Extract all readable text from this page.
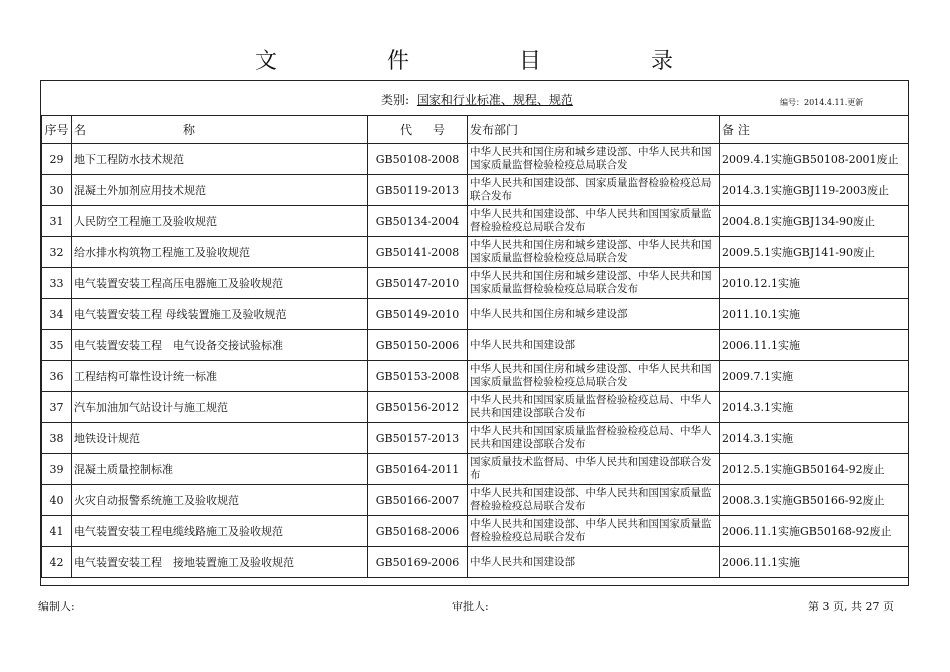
文　件　目　录
类别: 国家和行业标准、规程、规范	编号：2014.4.11.更新
序号	名 称	代 号	发布部门	备 注
29	地下工程防水技术规范	GB50108-2008	中华人民共和国住房和城乡建设部、中华人民共和国国家质量监督检验检疫总局联合发	2009.4.1实施GB50108-2001废止
30	混凝土外加剂应用技术规范	GB50119-2013	中华人民共和国建设部、国家质量监督检验检疫总局联合发布	2014.3.1实施GBJ119-2003废止
31	人民防空工程施工及验收规范	GB50134-2004	中华人民共和国建设部、中华人民共和国国家质量监督检验检疫总局联合发布	2004.8.1实施GBJ134-90废止
32	给水排水构筑物工程施工及验收规范	GB50141-2008	中华人民共和国住房和城乡建设部、中华人民共和国国家质量监督检验检疫总局联合发	2009.5.1实施GBJ141-90废止
33	电气装置安装工程高压电器施工及验收规范	GB50147-2010	中华人民共和国住房和城乡建设部、中华人民共和国国家质量监督检验检疫总局联合发布	2010.12.1实施
34	电气装置安装工程 母线装置施工及验收规范	GB50149-2010	中华人民共和国住房和城乡建设部	2011.10.1实施
35	电气装置安装工程　电气设备交接试验标准	GB50150-2006	中华人民共和国建设部	2006.11.1实施
36	工程结构可靠性设计统一标准	GB50153-2008	中华人民共和国住房和城乡建设部、中华人民共和国国家质量监督检验检疫总局联合发	2009.7.1实施
37	汽车加油加气站设计与施工规范	GB50156-2012	中华人民共和国国家质量监督检验检疫总局、中华人民共和国建设部联合发布	2014.3.1实施
38	地铁设计规范	GB50157-2013	中华人民共和国国家质量监督检验检疫总局、中华人民共和国建设部联合发布	2014.3.1实施
39	混凝土质量控制标准	GB50164-2011	国家质量技术监督局、中华人民共和国建设部联合发布	2012.5.1实施GB50164-92废止
40	火灾自动报警系统施工及验收规范	GB50166-2007	中华人民共和国建设部、中华人民共和国国家质量监督检验检疫总局联合发布	2008.3.1实施GB50166-92废止
41	电气装置安装工程电缆线路施工及验收规范	GB50168-2006	中华人民共和国建设部、中华人民共和国国家质量监督检验检疫总局联合发布	2006.11.1实施GB50168-92废止
42	电气装置安装工程　接地装置施工及验收规范	GB50169-2006	中华人民共和国建设部	2006.11.1实施
编制人:	审批人:	第 3 页, 共 27 页
